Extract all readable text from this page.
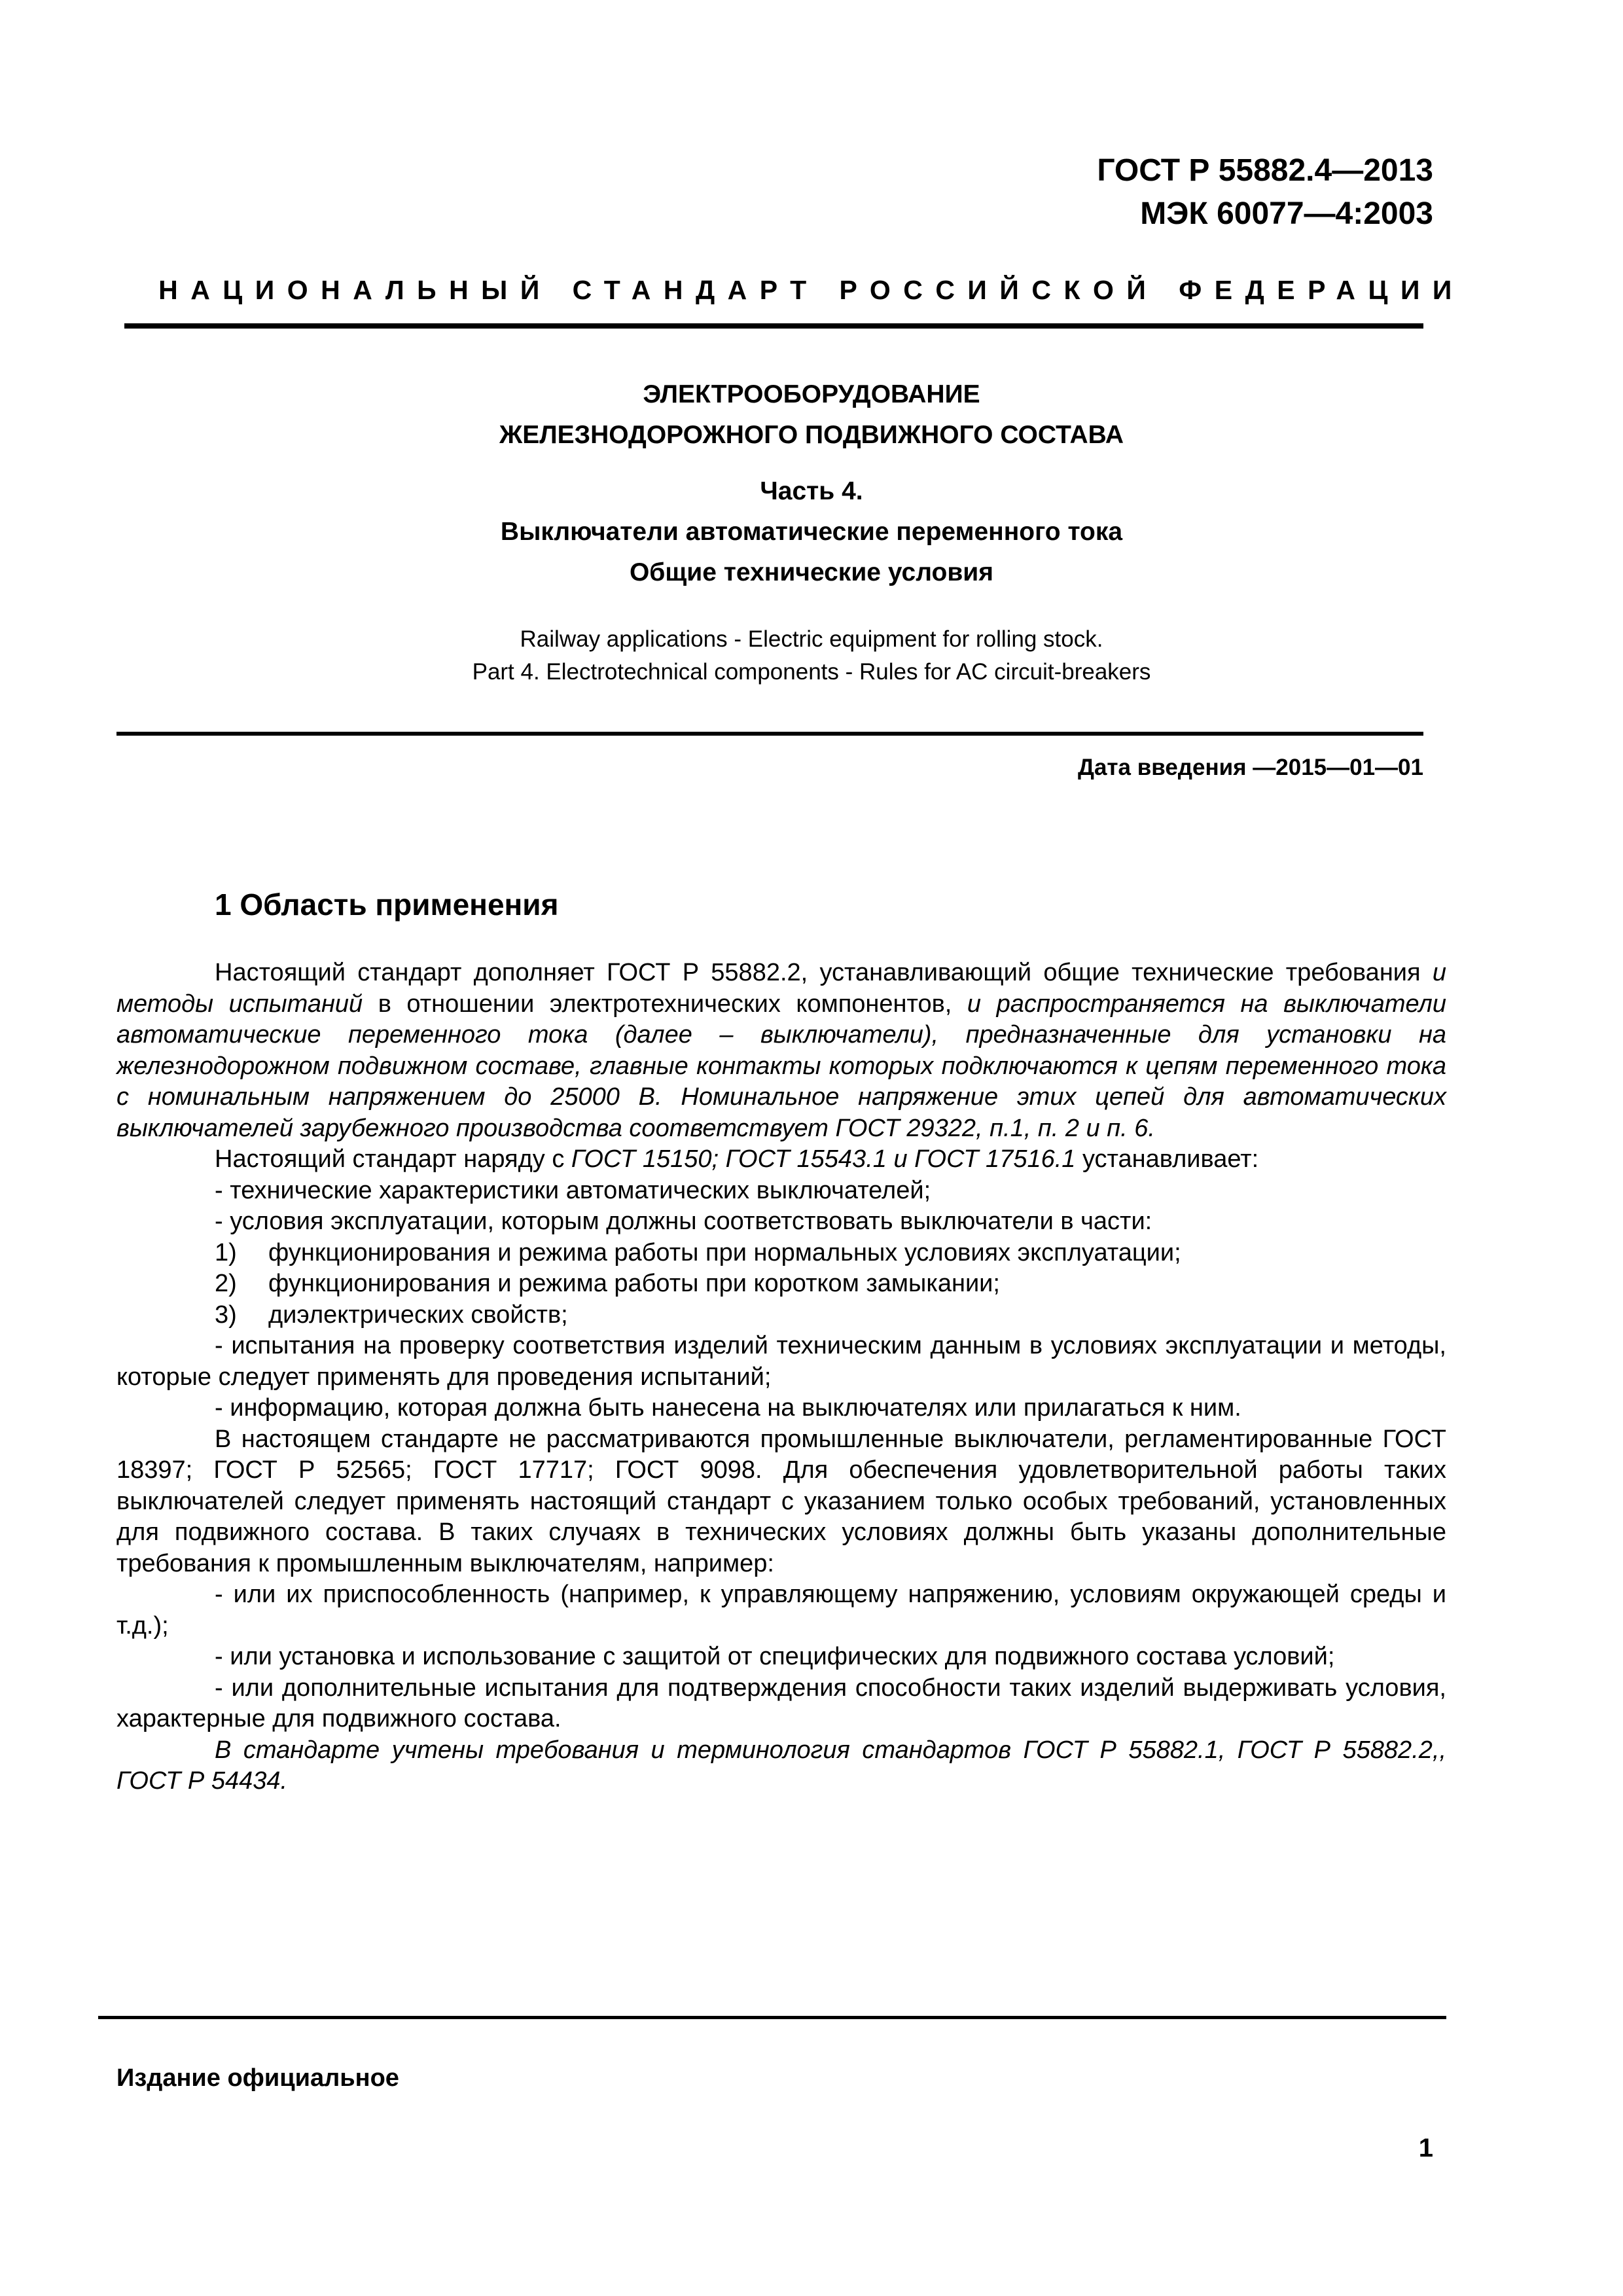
ГОСТ Р 55882.4—2013
МЭК 60077—4:2003
НАЦИОНАЛЬНЫЙ СТАНДАРТ РОССИЙСКОЙ ФЕДЕРАЦИИ
ЭЛЕКТРООБОРУДОВАНИЕ
ЖЕЛЕЗНОДОРОЖНОГО ПОДВИЖНОГО СОСТАВА
Часть 4.
Выключатели автоматические переменного тока
Общие технические условия
Railway applications - Electric equipment for rolling stock.
Part 4. Electrotechnical components - Rules for AC circuit-breakers
Дата введения —2015—01—01
1 Область применения

Настоящий стандарт дополняет ГОСТ Р 55882.2, устанавливающий общие технические требования и методы испытаний в отношении электротехнических компонентов, и распространяется на выключатели автоматические переменного тока (далее – выключатели), предназначенные для установки на железнодорожном подвижном составе, главные контакты которых подключаются к цепям переменного тока с номинальным напряжением до 25000 В. Номинальное напряжение этих цепей для автоматических выключателей зарубежного производства соответствует ГОСТ 29322, п.1, п. 2 и п. 6.

Настоящий стандарт наряду с ГОСТ 15150; ГОСТ 15543.1 и ГОСТ 17516.1 устанавливает:

- технические характеристики автоматических выключателей;

- условия эксплуатации, которым должны соответствовать выключатели в части:

1) функционирования и режима работы при нормальных условиях эксплуатации;

2) функционирования и режима работы при коротком замыкании;

3) диэлектрических свойств;

- испытания на проверку соответствия изделий техническим данным в условиях эксплуатации и методы, которые следует применять для проведения испытаний;

- информацию, которая должна быть нанесена на выключателях или прилагаться к ним.

В настоящем стандарте не рассматриваются промышленные выключатели, регламентированные ГОСТ 18397; ГОСТ Р 52565; ГОСТ 17717; ГОСТ 9098. Для обеспечения удовлетворительной работы таких выключателей следует применять настоящий стандарт с указанием только особых требований, установленных для подвижного состава. В таких случаях в технических условиях должны быть указаны дополнительные требования к промышленным выключателям, например:

- или их приспособленность (например, к управляющему напряжению, условиям окружающей среды и т.д.);

- или установка и использование с защитой от специфических для подвижного состава условий;

- или дополнительные испытания для подтверждения способности таких изделий выдерживать условия, характерные для подвижного состава.

В стандарте учтены требования и терминология стандартов ГОСТ Р 55882.1, ГОСТ Р 55882.2,, ГОСТ Р 54434.

Издание официальное
1
